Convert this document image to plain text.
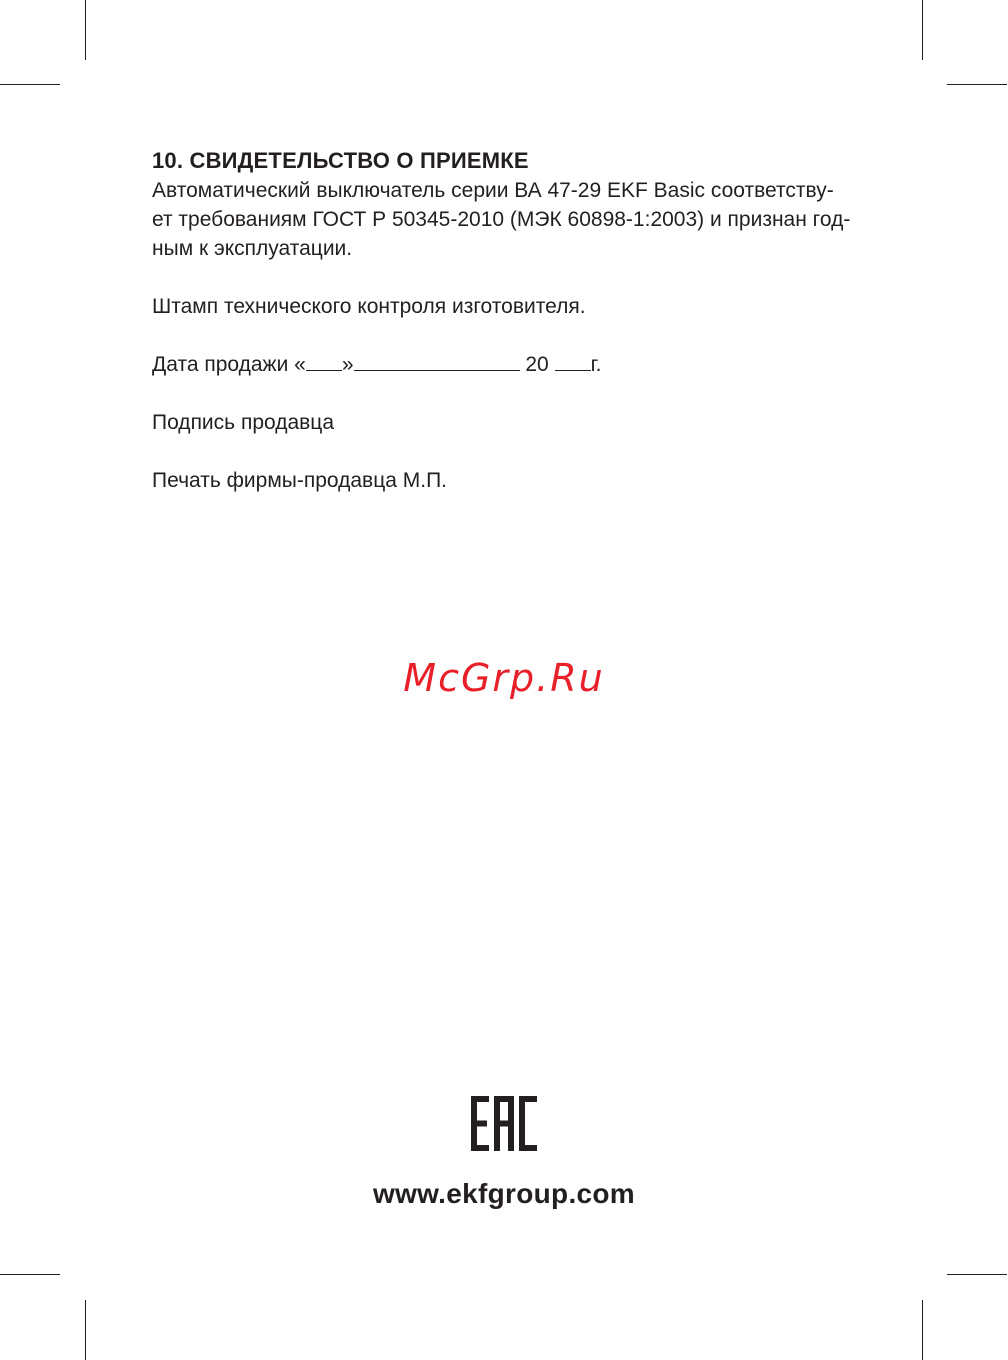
10. СВИДЕТЕЛЬСТВО О ПРИЕМКЕ

Автоматический выключатель серии ВА 47-29 EKF Basic соответству-
ет требованиям ГОСТ Р 50345-2010 (МЭК 60898-1:2003) и признан год-
ным к эксплуатации.

Штамп технического контроля изготовителя.

Дата продажи « »	20 г.

Подпись продавца

Печать фирмы-продавца М.П.

McGrp.Ru
www.ekfgroup.com
